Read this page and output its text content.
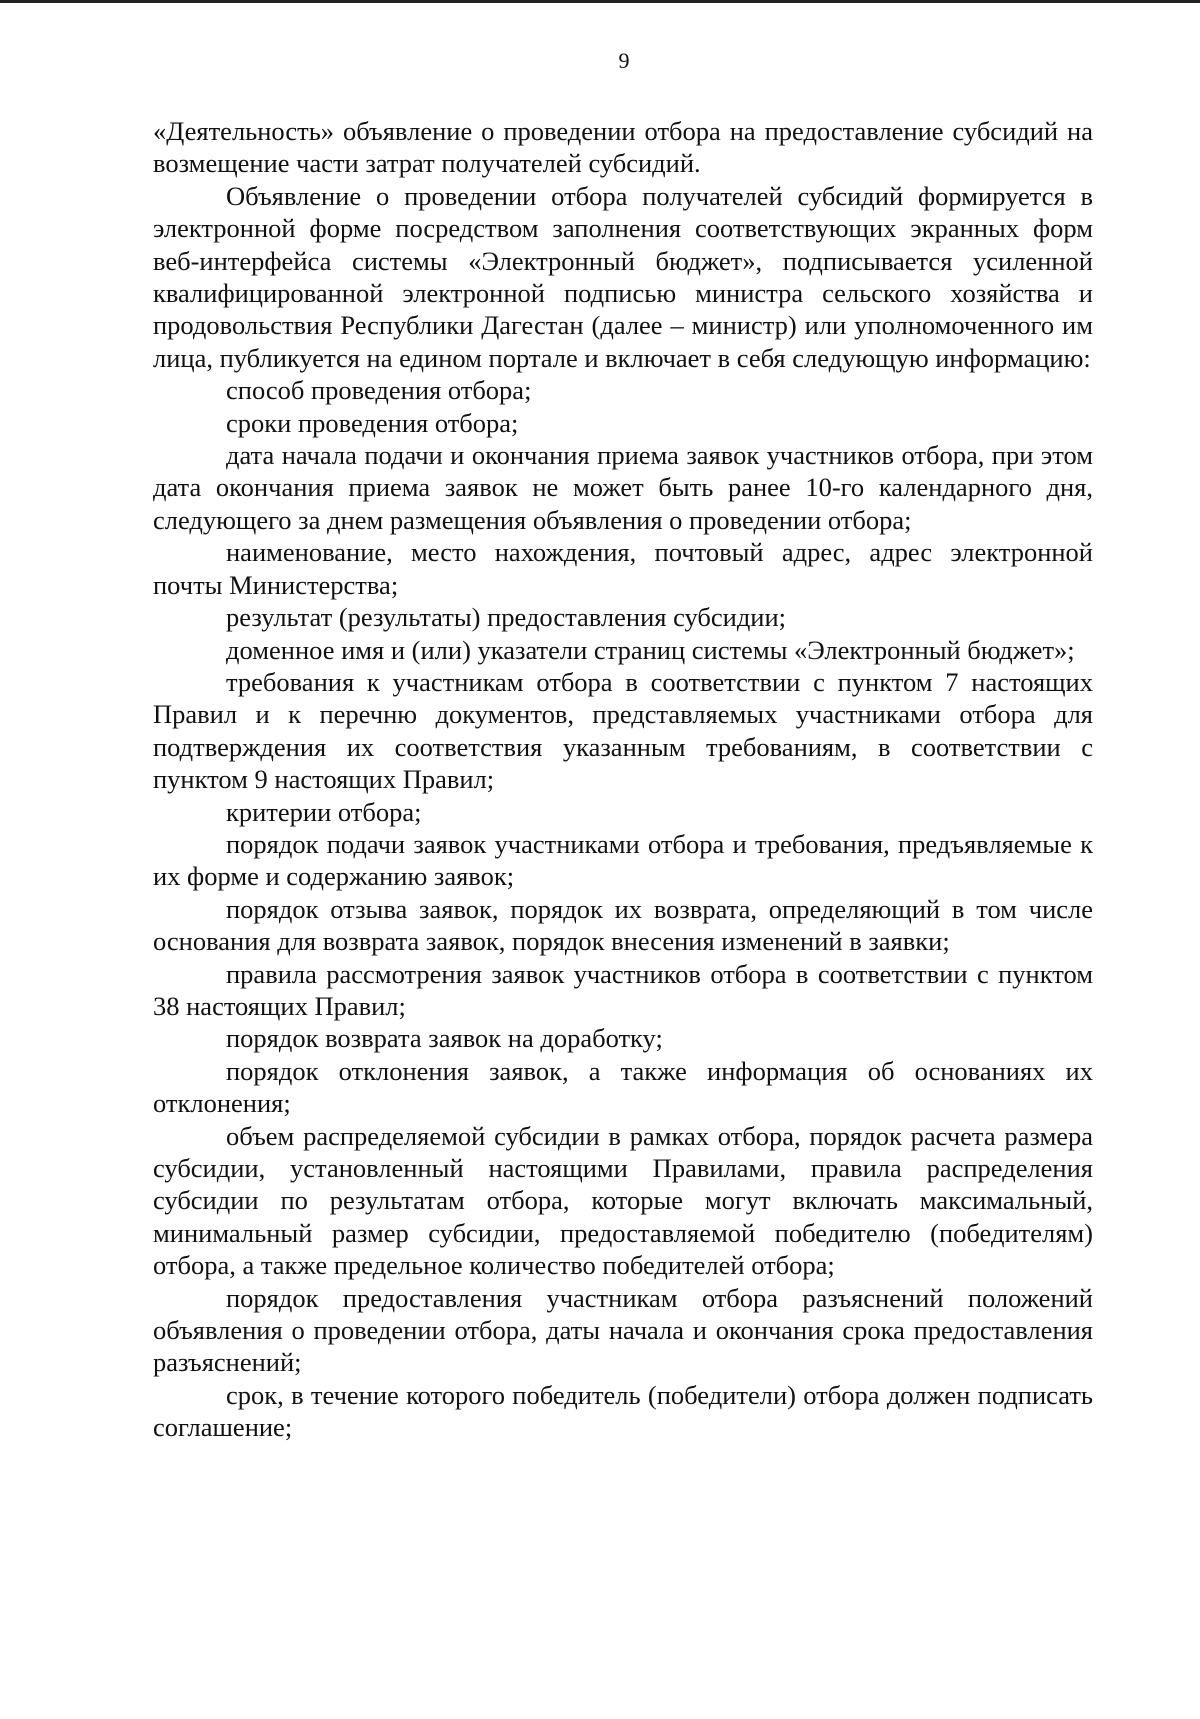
9

«Деятельность» объявление о проведении отбора на предоставление субсидий на возмещение части затрат получателей субсидий.

Объявление о проведении отбора получателей субсидий формируется в электронной форме посредством заполнения соответствующих экранных форм веб-интерфейса системы «Электронный бюджет», подписывается усиленной квалифицированной электронной подписью министра сельского хозяйства и продовольствия Республики Дагестан (далее – министр) или уполномоченного им лица, публикуется на едином портале и включает в себя следующую информацию:

способ проведения отбора;

сроки проведения отбора;

дата начала подачи и окончания приема заявок участников отбора, при этом дата окончания приема заявок не может быть ранее 10-го календарного дня, следующего за днем размещения объявления о проведении отбора;

наименование, место нахождения, почтовый адрес, адрес электронной почты Министерства;

результат (результаты) предоставления субсидии;

доменное имя и (или) указатели страниц системы «Электронный бюджет»;

требования к участникам отбора в соответствии с пунктом 7 настоящих Правил и к перечню документов, представляемых участниками отбора для подтверждения их соответствия указанным требованиям, в соответствии с пунктом 9 настоящих Правил;

критерии отбора;

порядок подачи заявок участниками отбора и требования, предъявляемые к их форме и содержанию заявок;

порядок отзыва заявок, порядок их возврата, определяющий в том числе основания для возврата заявок, порядок внесения изменений в заявки;

правила рассмотрения заявок участников отбора в соответствии с пунктом 38 настоящих Правил;

порядок возврата заявок на доработку;

порядок отклонения заявок, а также информация об основаниях их отклонения;

объем распределяемой субсидии в рамках отбора, порядок расчета размера субсидии, установленный настоящими Правилами, правила распределения субсидии по результатам отбора, которые могут включать максимальный, минимальный размер субсидии, предоставляемой победителю (победителям) отбора, а также предельное количество победителей отбора;

порядок предоставления участникам отбора разъяснений положений объявления о проведении отбора, даты начала и окончания срока предоставления разъяснений;

срок, в течение которого победитель (победители) отбора должен подписать соглашение;
